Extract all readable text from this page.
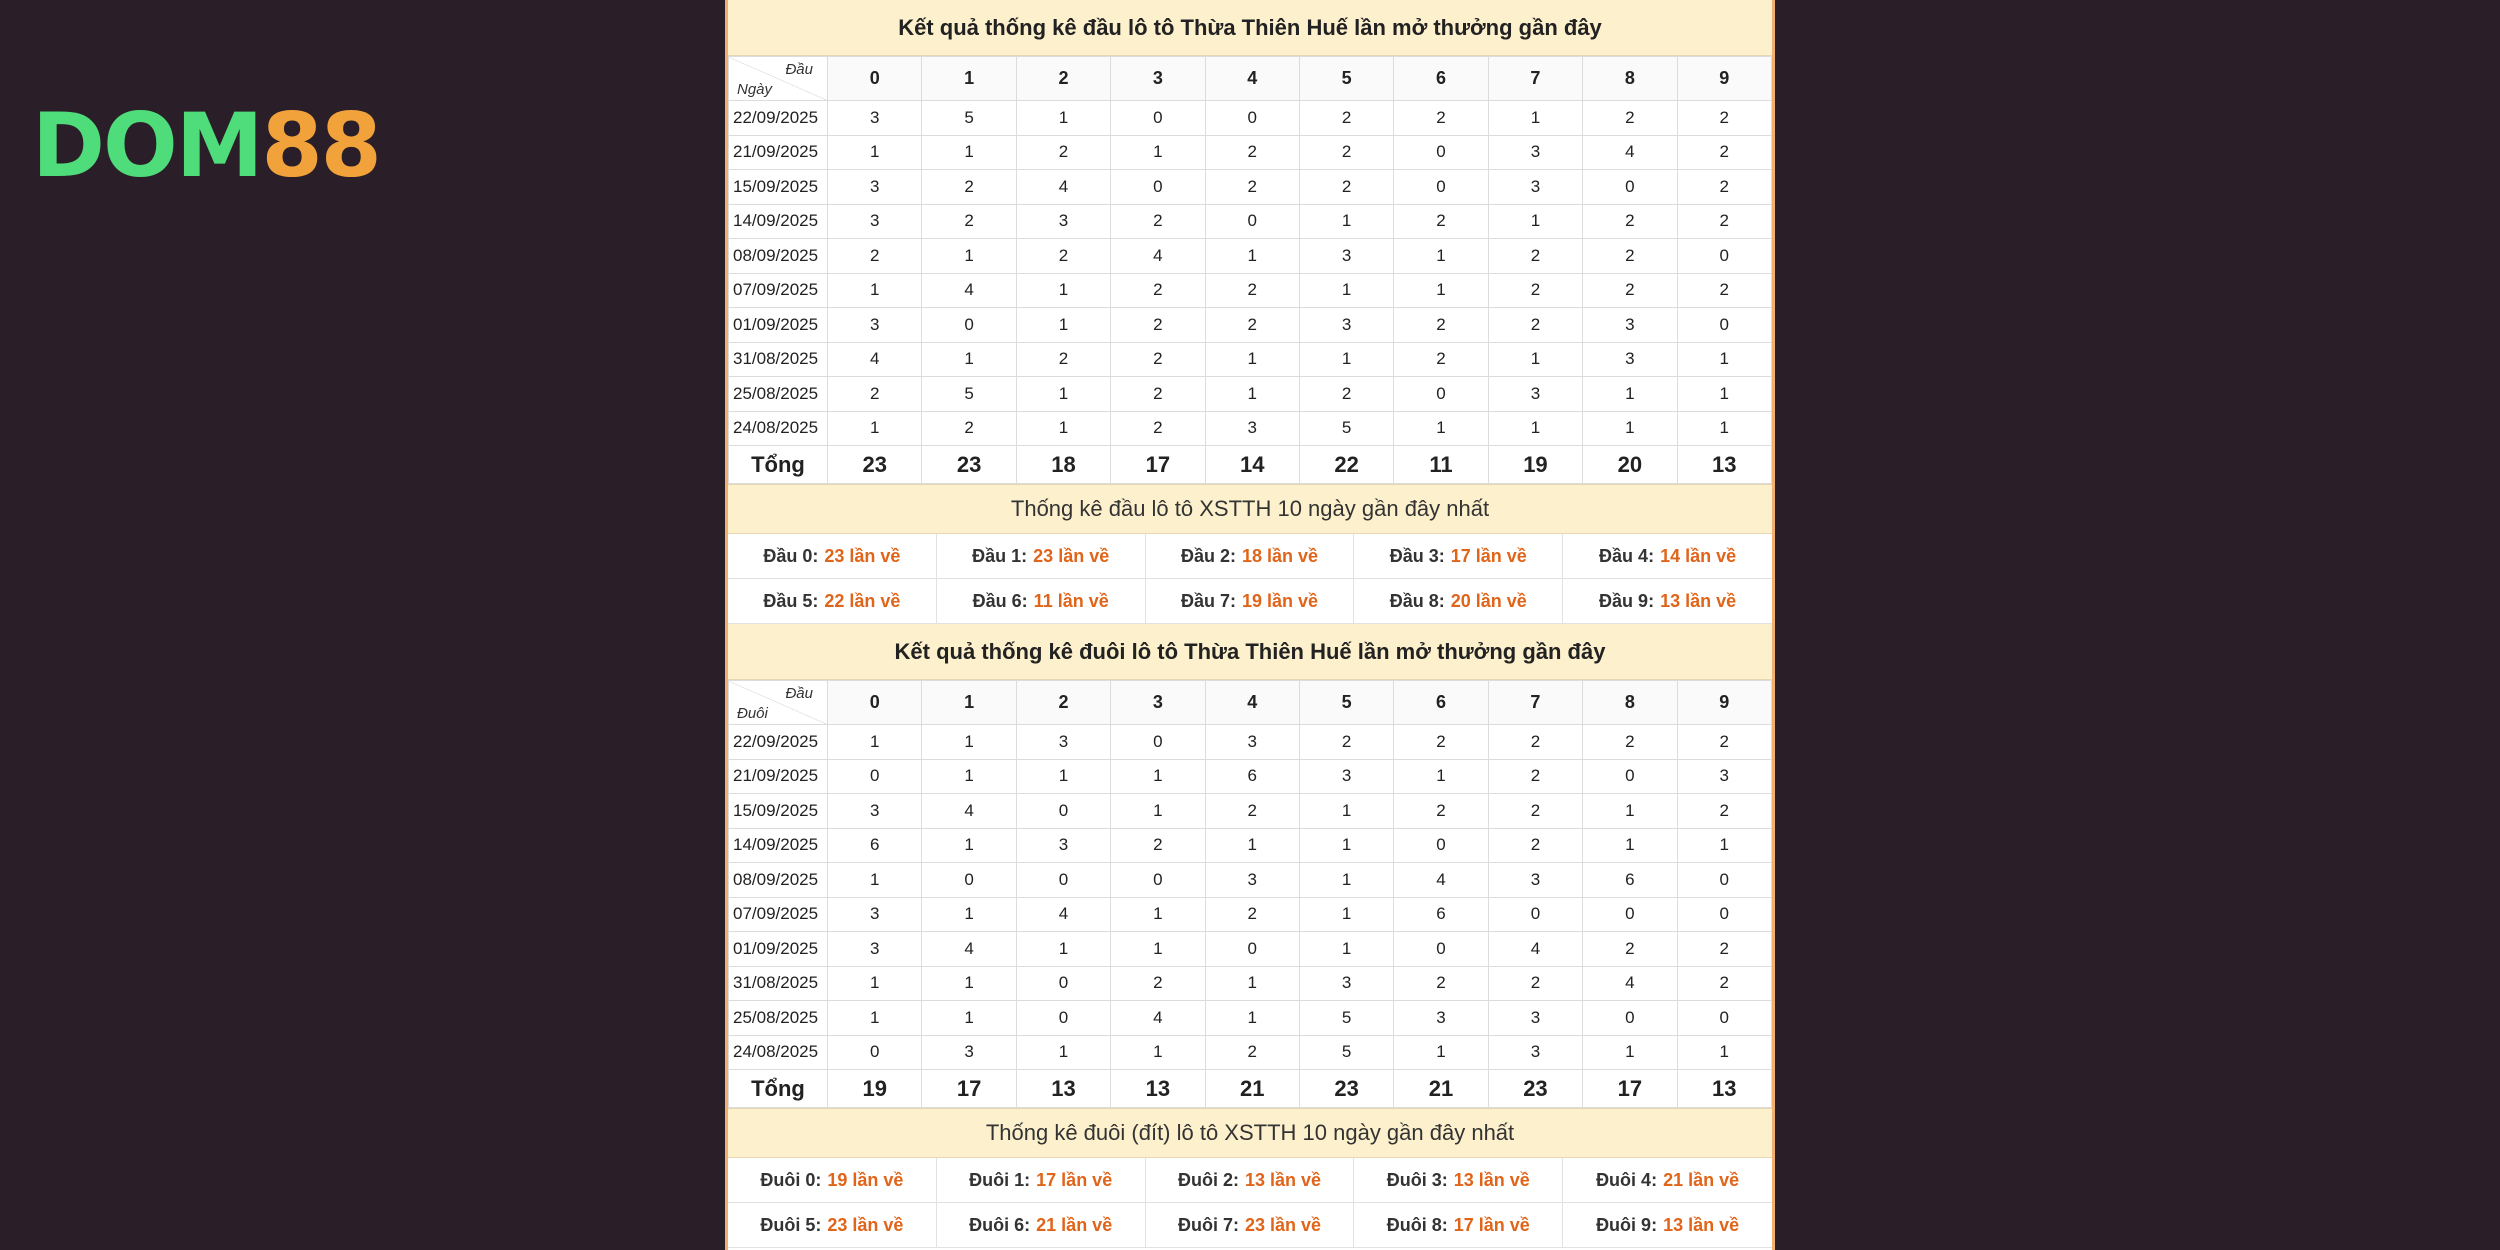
DOM 88
Kết quả thống kê đầu lô tô Thừa Thiên Huế lần mở thưởng gần đây
Đầu
Ngày	0	1	2	3	4	5	6	7	8	9
22/09/2025	3	5	1	0	0	2	2	1	2	2
21/09/2025	1	1	2	1	2	2	0	3	4	2
15/09/2025	3	2	4	0	2	2	0	3	0	2
14/09/2025	3	2	3	2	0	1	2	1	2	2
08/09/2025	2	1	2	4	1	3	1	2	2	0
07/09/2025	1	4	1	2	2	1	1	2	2	2
01/09/2025	3	0	1	2	2	3	2	2	3	0
31/08/2025	4	1	2	2	1	1	2	1	3	1
25/08/2025	2	5	1	2	1	2	0	3	1	1
24/08/2025	1	2	1	2	3	5	1	1	1	1
Tổng	23	23	18	17	14	22	11	19	20	13
Thống kê đầu lô tô XSTTH 10 ngày gần đây nhất
Đầu 0: 23 lần về	Đầu 1: 23 lần về	Đầu 2: 18 lần về	Đầu 3: 17 lần về	Đầu 4: 14 lần về
Đầu 5: 22 lần về	Đầu 6: 11 lần về	Đầu 7: 19 lần về	Đầu 8: 20 lần về	Đầu 9: 13 lần về
Kết quả thống kê đuôi lô tô Thừa Thiên Huế lần mở thưởng gần đây
Đầu
Đuôi	0	1	2	3	4	5	6	7	8	9
22/09/2025	1	1	3	0	3	2	2	2	2	2
21/09/2025	0	1	1	1	6	3	1	2	0	3
15/09/2025	3	4	0	1	2	1	2	2	1	2
14/09/2025	6	1	3	2	1	1	0	2	1	1
08/09/2025	1	0	0	0	3	1	4	3	6	0
07/09/2025	3	1	4	1	2	1	6	0	0	0
01/09/2025	3	4	1	1	0	1	0	4	2	2
31/08/2025	1	1	0	2	1	3	2	2	4	2
25/08/2025	1	1	0	4	1	5	3	3	0	0
24/08/2025	0	3	1	1	2	5	1	3	1	1
Tổng	19	17	13	13	21	23	21	23	17	13
Thống kê đuôi (đít) lô tô XSTTH 10 ngày gần đây nhất
Đuôi 0: 19 lần về	Đuôi 1: 17 lần về	Đuôi 2: 13 lần về	Đuôi 3: 13 lần về	Đuôi 4: 21 lần về
Đuôi 5: 23 lần về	Đuôi 6: 21 lần về	Đuôi 7: 23 lần về	Đuôi 8: 17 lần về	Đuôi 9: 13 lần về
